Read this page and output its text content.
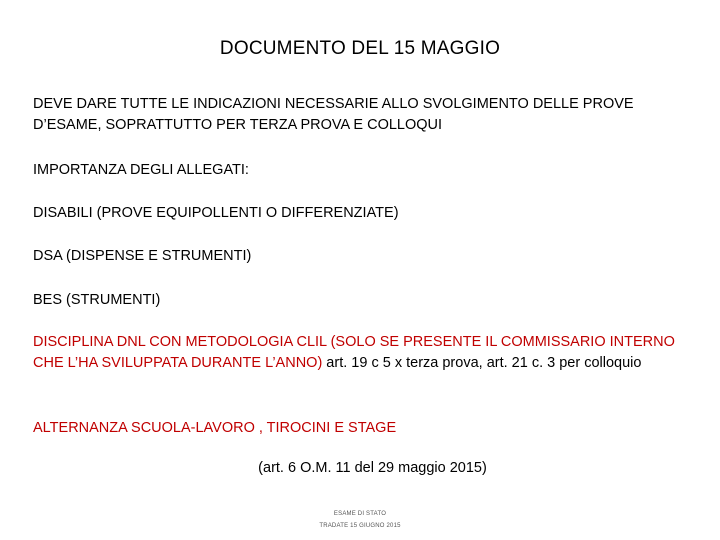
DOCUMENTO DEL 15 MAGGIO
DEVE DARE TUTTE LE INDICAZIONI NECESSARIE ALLO SVOLGIMENTO DELLE PROVE
D’ESAME, SOPRATTUTTO PER TERZA PROVA E COLLOQUI
IMPORTANZA DEGLI ALLEGATI:
DISABILI (PROVE EQUIPOLLENTI O DIFFERENZIATE)
DSA (DISPENSE E STRUMENTI)
BES (STRUMENTI)
DISCIPLINA DNL CON METODOLOGIA CLIL (SOLO SE PRESENTE IL COMMISSARIO INTERNO CHE L’HA SVILUPPATA DURANTE L’ANNO) art. 19 c 5 x terza prova, art. 21 c. 3 per colloquio
ALTERNANZA SCUOLA-LAVORO , TIROCINI E STAGE
(art. 6 O.M. 11 del 29 maggio 2015)
ESAME DI STATO
TRADATE 15 GIUGNO 2015
